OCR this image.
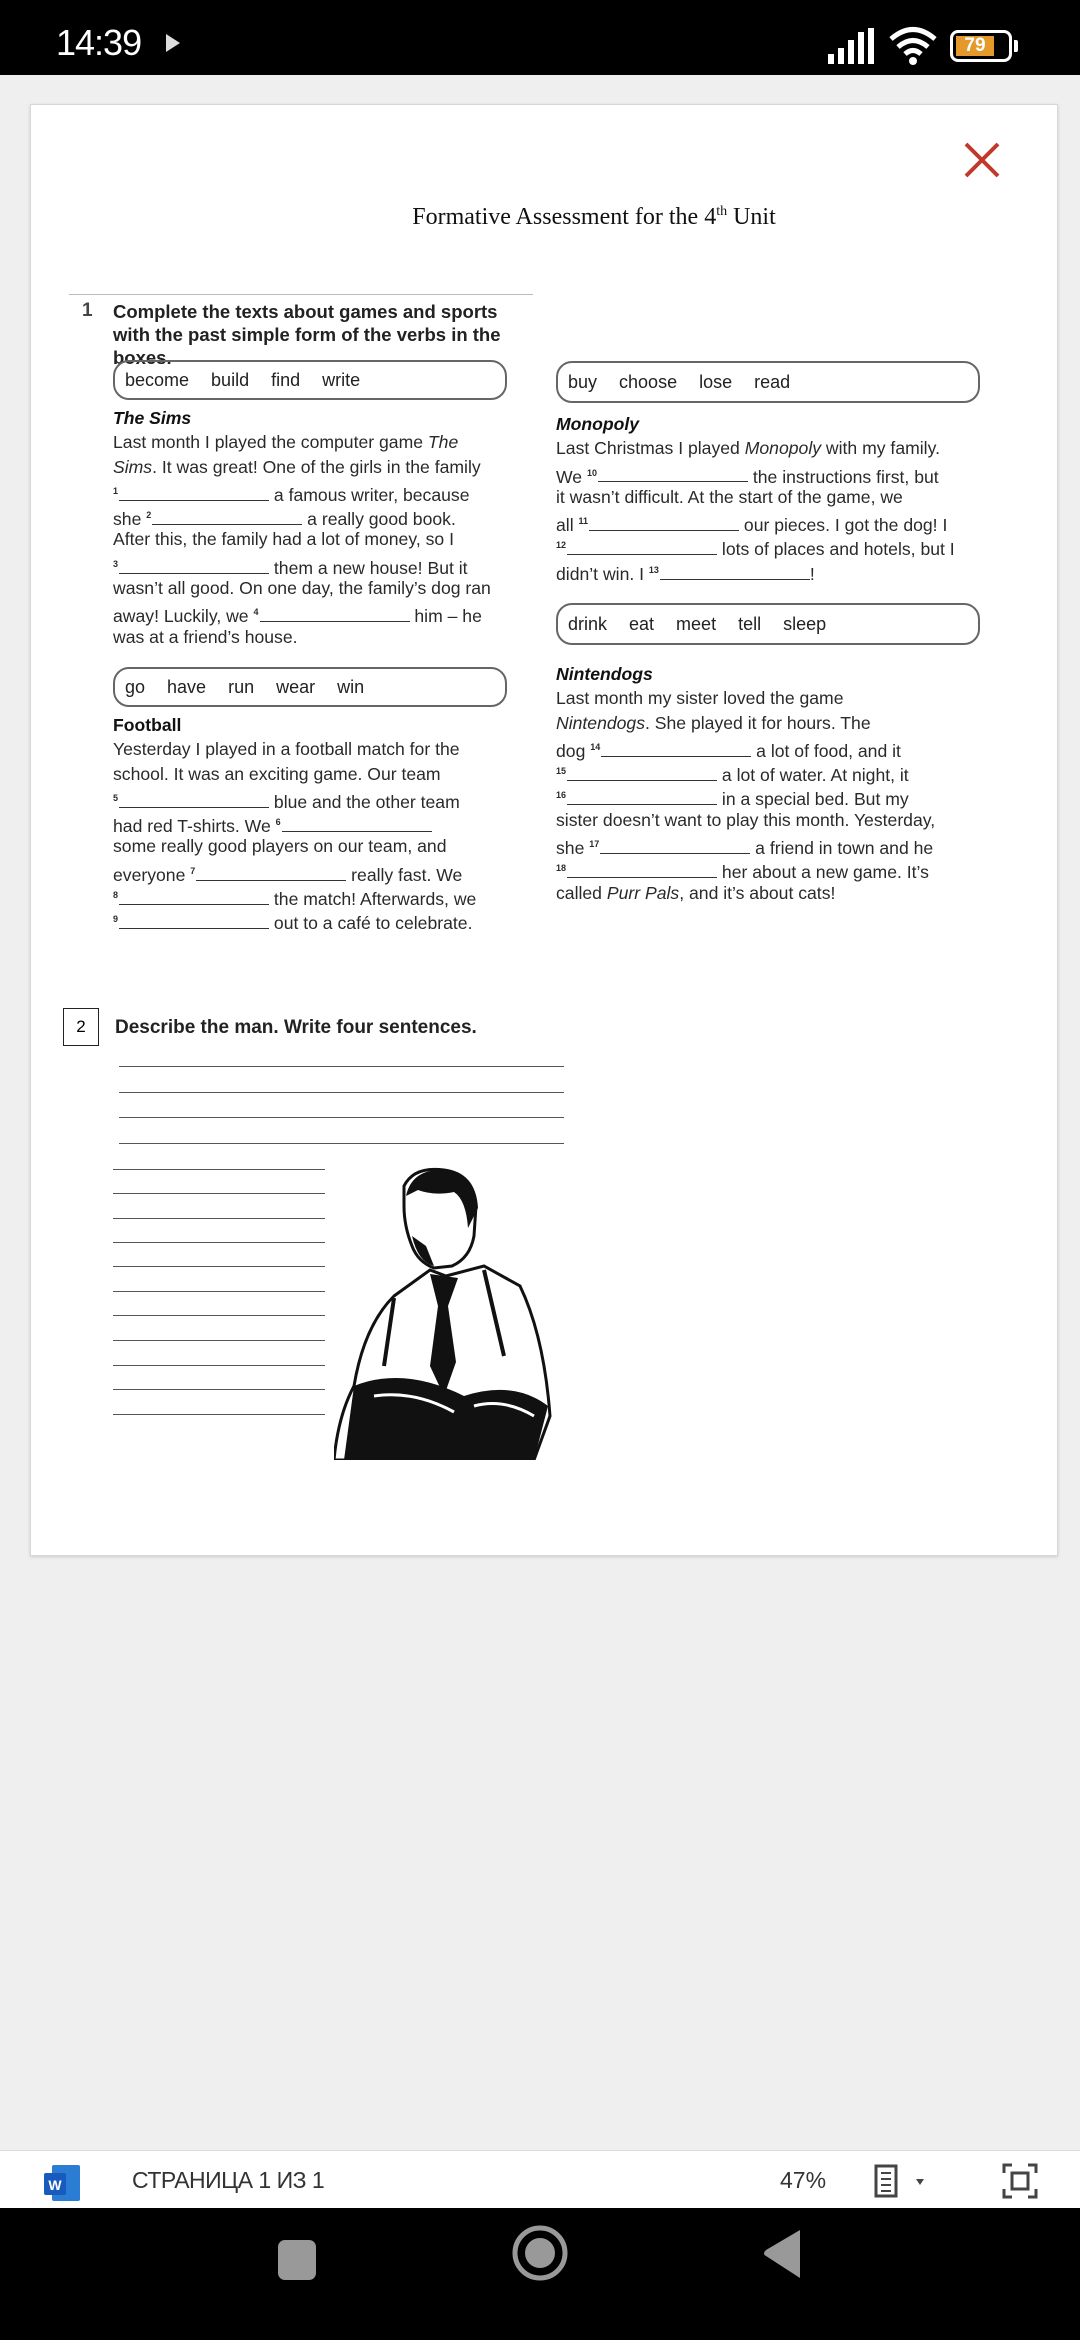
14:39	79
Formative Assessment for the 4th Unit
1 Complete the texts about games and sports with the past simple form of the verbs in the boxes.
become build find write
go have run wear win
buy choose lose read
drink eat meet tell sleep
The Sims
Last month I played the computer game The
Sims. It was great! One of the girls in the family
$^1$	a famous writer, because
she $^2$	a really good book.
After this, the family had a lot of money, so I
$^3$	them a new house! But it
wasn’t all good. On one day, the family’s dog ran
away! Luckily, we $^4$	him – he
was at a friend’s house.
Football
Yesterday I played in a football match for the
school. It was an exciting game. Our team
$^5$	blue and the other team
had red T-shirts. We $^6$
some really good players on our team, and
everyone $^7$	really fast. We
$^8$	the match! Afterwards, we
$^9$	out to a café to celebrate.
Monopoly
Last Christmas I played Monopoly with my family.
We $^{10}$	the instructions first, but
it wasn’t difficult. At the start of the game, we
all $^{11}$	our pieces. I got the dog! I
$^{12}$	lots of places and hotels, but I
didn’t win. I $^{13}$	!
Nintendogs
Last month my sister loved the game
Nintendogs. She played it for hours. The
dog $^{14}$	a lot of food, and it
$^{15}$	a lot of water. At night, it
$^{16}$	in a special bed. But my
sister doesn’t want to play this month. Yesterday,
she $^{17}$	a friend in town and he
$^{18}$	her about a new game. It’s
called Purr Pals, and it’s about cats!
2	Describe the man. Write four sentences.
W	СТРАНИЦА 1 ИЗ 1	47%
